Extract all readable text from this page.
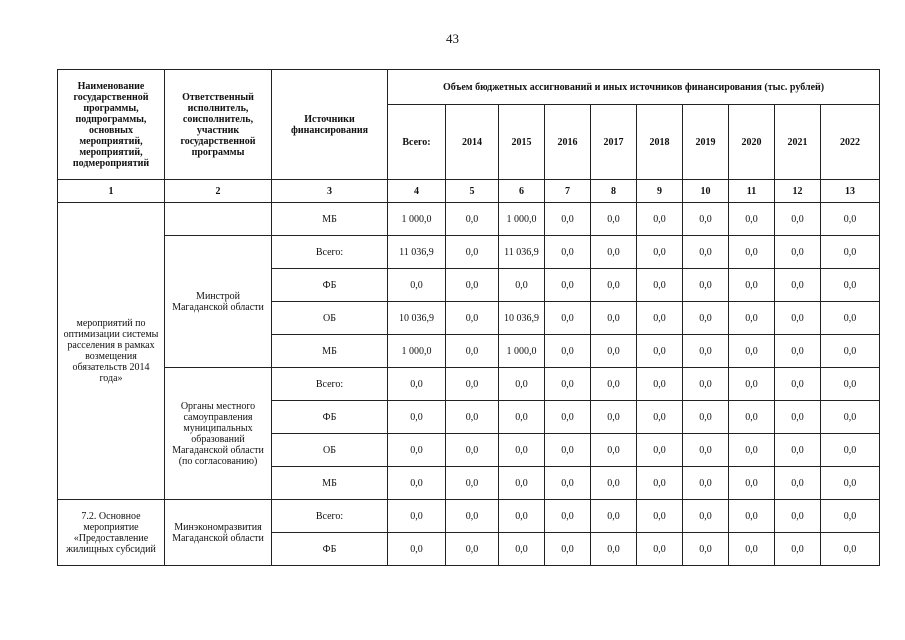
43
Наименование государственной программы, подпрограммы, основных мероприятий, мероприятий, подмероприятий	Ответственный исполнитель, соисполнитель, участник государственной программы	Источники финансирования	Объем бюджетных ассигнований и иных источников финансирования (тыс. рублей)									
			Всего:	2014	2015	2016	2017	2018	2019	2020	2021	2022
1	2	3	4	5	6	7	8	9	10	11	12	13
мероприятий по оптимизации системы расселения в рамках возмещения обязательств 2014 года»		МБ	1 000,0	0,0	1 000,0	0,0	0,0	0,0	0,0	0,0	0,0	0,0
	Минстрой Магаданской области	Всего:	11 036,9	0,0	11 036,9	0,0	0,0	0,0	0,0	0,0	0,0	0,0
		ФБ	0,0	0,0	0,0	0,0	0,0	0,0	0,0	0,0	0,0	0,0
		ОБ	10 036,9	0,0	10 036,9	0,0	0,0	0,0	0,0	0,0	0,0	0,0
		МБ	1 000,0	0,0	1 000,0	0,0	0,0	0,0	0,0	0,0	0,0	0,0
	Органы местного самоуправления муниципальных образований Магаданской области (по согласованию)	Всего:	0,0	0,0	0,0	0,0	0,0	0,0	0,0	0,0	0,0	0,0
		ФБ	0,0	0,0	0,0	0,0	0,0	0,0	0,0	0,0	0,0	0,0
		ОБ	0,0	0,0	0,0	0,0	0,0	0,0	0,0	0,0	0,0	0,0
		МБ	0,0	0,0	0,0	0,0	0,0	0,0	0,0	0,0	0,0	0,0
7.2. Основное мероприятие «Предоставление жилищных субсидий	Минэкономразвития Магаданской области	Всего:	0,0	0,0	0,0	0,0	0,0	0,0	0,0	0,0	0,0	0,0
		ФБ	0,0	0,0	0,0	0,0	0,0	0,0	0,0	0,0	0,0	0,0
